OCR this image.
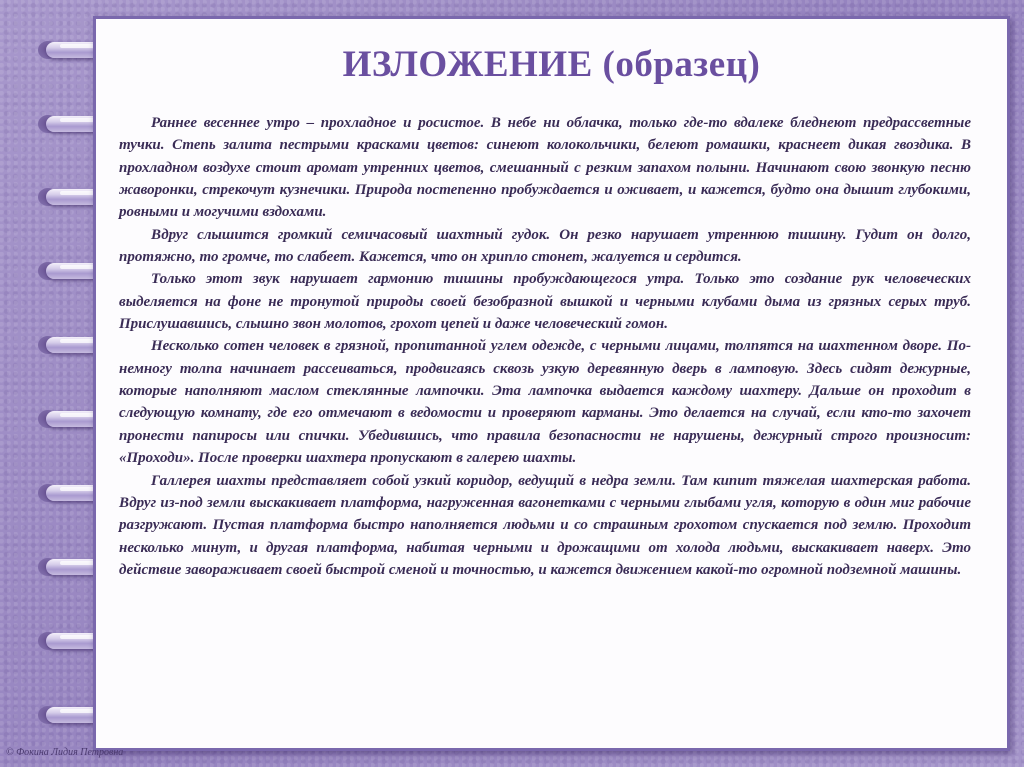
ИЗЛОЖЕНИЕ (образец)

Раннее весеннее утро – прохладное и росистое. В небе ни облачка, только где-то вдалеке бледнеют предрассветные тучки. Степь залита пестрыми красками цветов: синеют колокольчики, белеют ромашки, краснеет дикая гвоздика. В прохладном воздухе стоит аромат утренних цветов, смешанный с резким запахом полыни. Начинают свою звонкую песню жаворонки, стрекочут кузнечики. Природа постепенно пробуждается и оживает, и кажется, будто она дышит глубокими, ровными и могучими вздохами.

Вдруг слышится громкий семичасовый шахтный гудок. Он резко нарушает утреннюю тишину. Гудит он долго, протяжно, то громче, то слабеет. Кажется, что он хрипло стонет, жалуется и сердится.

Только этот звук нарушает гармонию тишины пробуждающегося утра. Только это создание рук человеческих выделяется на фоне не тронутой природы своей безобразной вышкой и черными клубами дыма из грязных серых труб. Прислушавшись, слышно звон молотов, грохот цепей и даже человеческий гомон.

Несколько сотен человек в грязной, пропитанной углем одежде, с черными лицами, толпятся на шахтенном дворе. По-немногу толпа начинает рассеиваться, продвигаясь сквозь узкую деревянную дверь в ламповую. Здесь сидят дежурные, которые наполняют маслом стеклянные лампочки. Эта лампочка выдается каждому шахтеру. Дальше он проходит в следующую комнату, где его отмечают в ведомости и проверяют карманы. Это делается на случай, если кто-то захочет пронести папиросы или спички. Убедившись, что правила безопасности не нарушены, дежурный строго произносит: «Проходи». После проверки шахтера пропускают в галерею шахты.

Галлерея шахты представляет собой узкий коридор, ведущий в недра земли. Там кипит тяжелая шахтерская работа. Вдруг из-под земли выскакивает платформа, нагруженная вагонетками с черными глыбами угля, которую в один миг рабочие разгружают. Пустая платформа быстро наполняется людьми и со страшным грохотом спускается под землю. Проходит несколько минут, и другая платформа, набитая черными и дрожащими от холода людьми, выскакивает наверх. Это действие завораживает своей быстрой сменой и точностью, и кажется движением какой-то огромной подземной машины.

© Фокина Лидия Петровна
